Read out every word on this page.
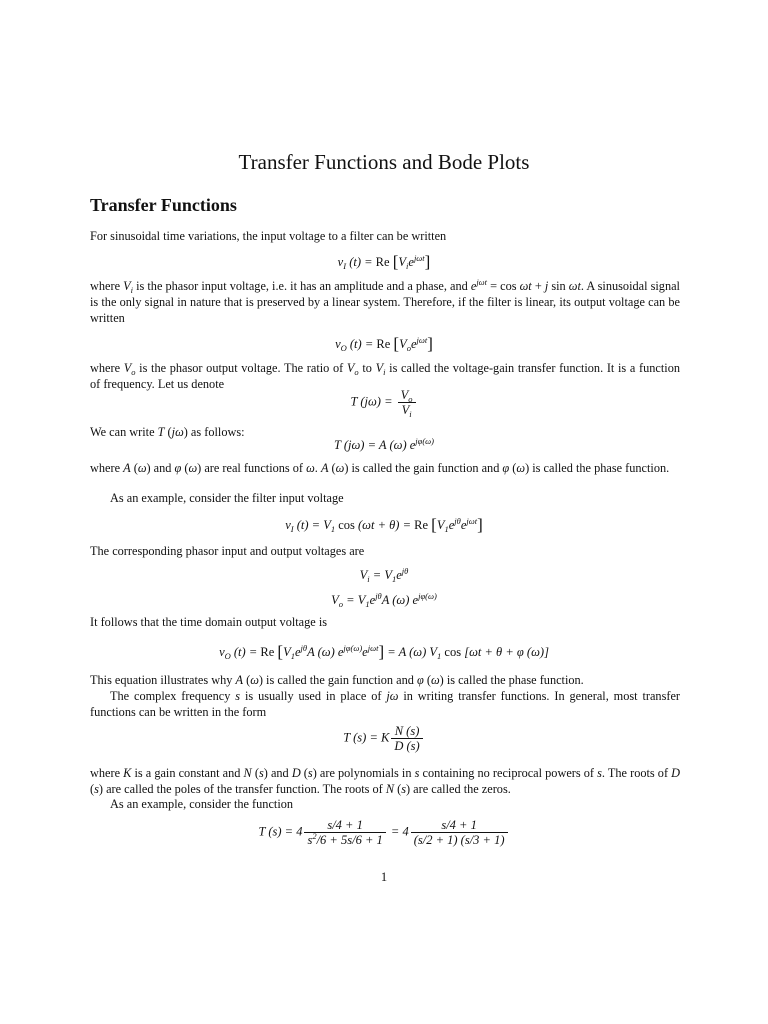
Transfer Functions and Bode Plots
Transfer Functions
For sinusoidal time variations, the input voltage to a filter can be written
$v_I$ (t) = Re $[V_ie^{j\omega t}]$
where $V_i$ is the phasor input voltage, i.e. it has an amplitude and a phase, and $e^{j\omega t} = \cos \omega t + j$ sin ωt. A sinusoidal signal is the only signal in nature that is preserved by a linear system. Therefore, if the filter is linear, its output voltage can be written
$v_O$ (t) = Re $[V_oe^{j\omega t}]$
where $V_o$ is the phasor output voltage. The ratio of $V_o$ to $V_i$ is called the voltage-gain transfer function. It is a function of frequency. Let us denote
T $(j\omega) = \frac{V_o}{V_i}$
We can write T (jω) as follows:
T (jω) = A (ω) $e^{j\varphi(\omega)}$
where A (ω) and φ (ω) are real functions of ω. A (ω) is called the gain function and φ (ω) is called the phase function.
As an example, consider the filter input voltage
$v_I$ $(t) = V_1$ cos (ωt + θ) = Re $[V_1e^{j\theta}e^{j\omega t}]$
The corresponding phasor input and output voltages are
$V_i = V_1e^{j\theta}$
$V_o = V_1e^{j\theta}A$ (ω) $e^{j\varphi(\omega)}$
It follows that the time domain output voltage is
$v_O$ (t) = Re [$V_1e^{j\theta}A$ (ω) $e^{j\varphi(\omega)}e^{j\omega t}] = A$ (ω) $V_1$ cos [ωt + θ + φ (ω)]
This equation illustrates why A (ω) is called the gain function and φ (ω) is called the phase function.
The complex frequency s is usually used in place of jω in writing transfer functions. In general, most transfer functions can be written in the form
T (s) = K $\frac{N (s)}{D (s)}$
where K is a gain constant and N (s) and D (s) are polynomials in s containing no reciprocal powers of s. The roots of D (s) are called the poles of the transfer function. The roots of N (s) are called the zeros.
As an example, consider the function
T $(s) = 4 \frac{s/4 + 1}{s^2/6 + 5s/6 + 1} = 4 \frac{s/4 + 1}{(s/2 + 1) (s/3 + 1)}$
1
